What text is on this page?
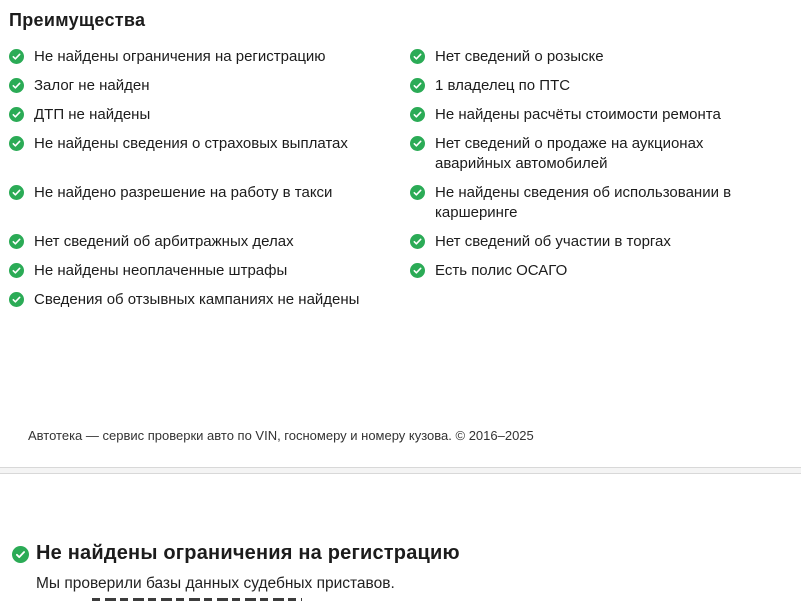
Преимущества
Не найдены ограничения на регистрацию	Нет сведений о розыске
Залог не найден	1 владелец по ПТС
ДТП не найдены	Не найдены расчёты стоимости ремонта
Не найдены сведения о страховых выплатах	Нет сведений о продаже на аукционах аварийных автомобилей
Не найдено разрешение на работу в такси	Не найдены сведения об использовании в каршеринге
Нет сведений об арбитражных делах	Нет сведений об участии в торгах
Не найдены неоплаченные штрафы	Есть полис ОСАГО
Сведения об отзывных кампаниях не найдены
Автотека — сервис проверки авто по VIN, госномеру и номеру кузова. © 2016–2025
Не найдены ограничения на регистрацию

Мы проверили базы данных судебных приставов.
